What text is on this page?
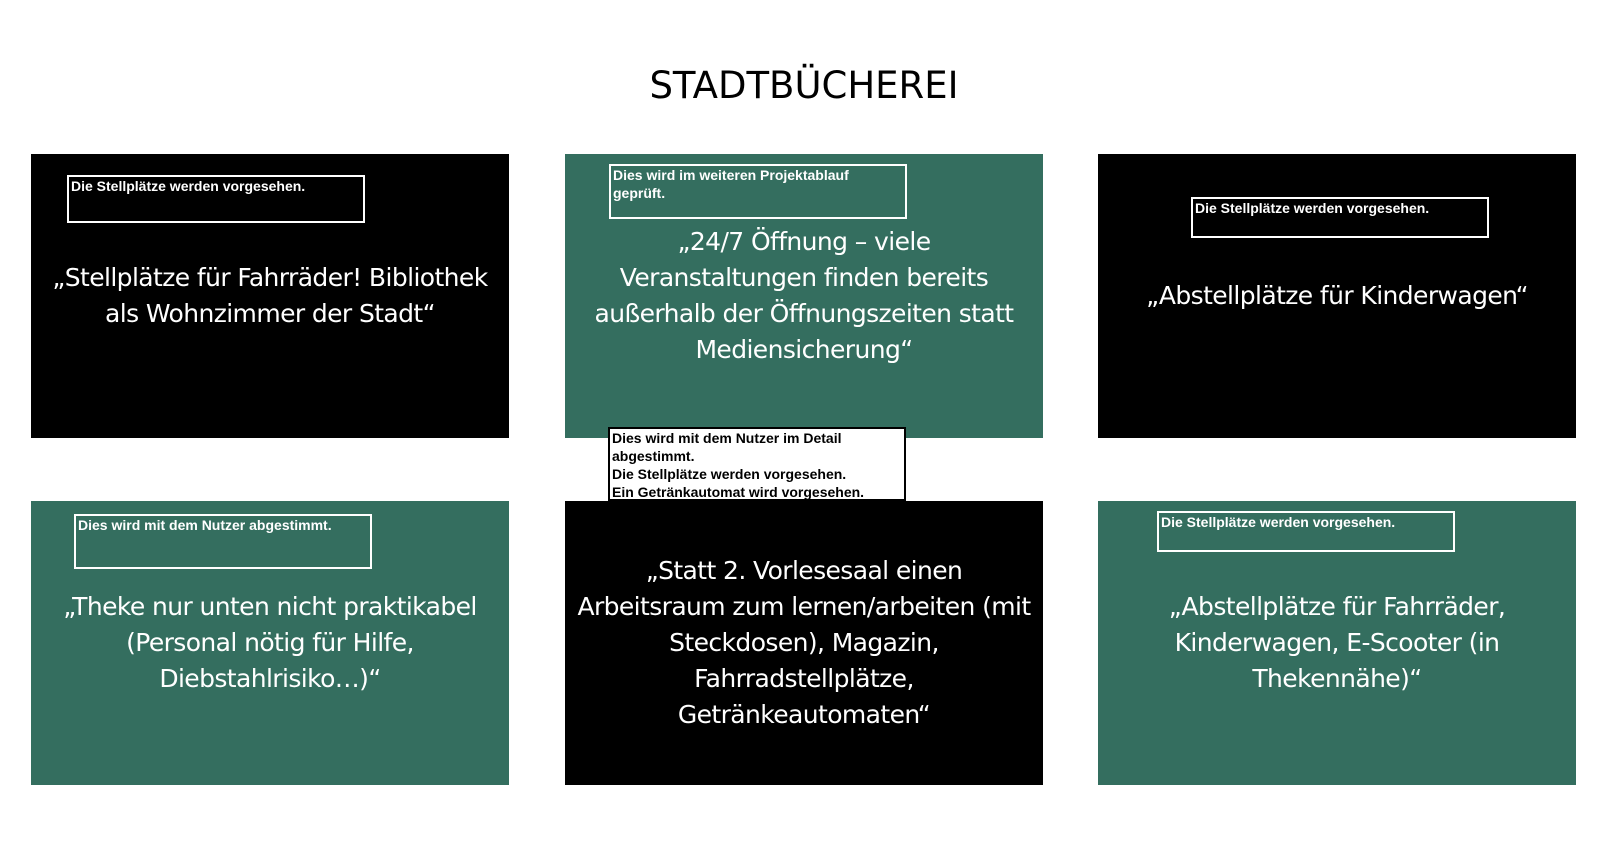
STADTBÜCHEREI
„Stellplätze für Fahrräder! Bibliothek als Wohnzimmer der Stadt“
Die Stellplätze werden vorgesehen.
„24/7 Öffnung – viele Veranstaltungen finden bereits außerhalb der Öffnungszeiten statt Mediensicherung“
Dies wird im weiteren Projektablauf geprüft.
„Abstellplätze für Kinderwagen“
Die Stellplätze werden vorgesehen.
„Theke nur unten nicht praktikabel (Personal nötig für Hilfe, Diebstahlrisiko…)“
Dies wird mit dem Nutzer abgestimmt.
„Statt 2. Vorlesesaal einen Arbeitsraum zum lernen/arbeiten (mit Steckdosen), Magazin, Fahrradstellplätze, Getränkeautomaten“
Dies wird mit dem Nutzer im Detail
abgestimmt.
Die Stellplätze werden vorgesehen.
Ein Getränkautomat wird vorgesehen.
„Abstellplätze für Fahrräder, Kinderwagen, E-Scooter (in Thekennähe)“
Die Stellplätze werden vorgesehen.
